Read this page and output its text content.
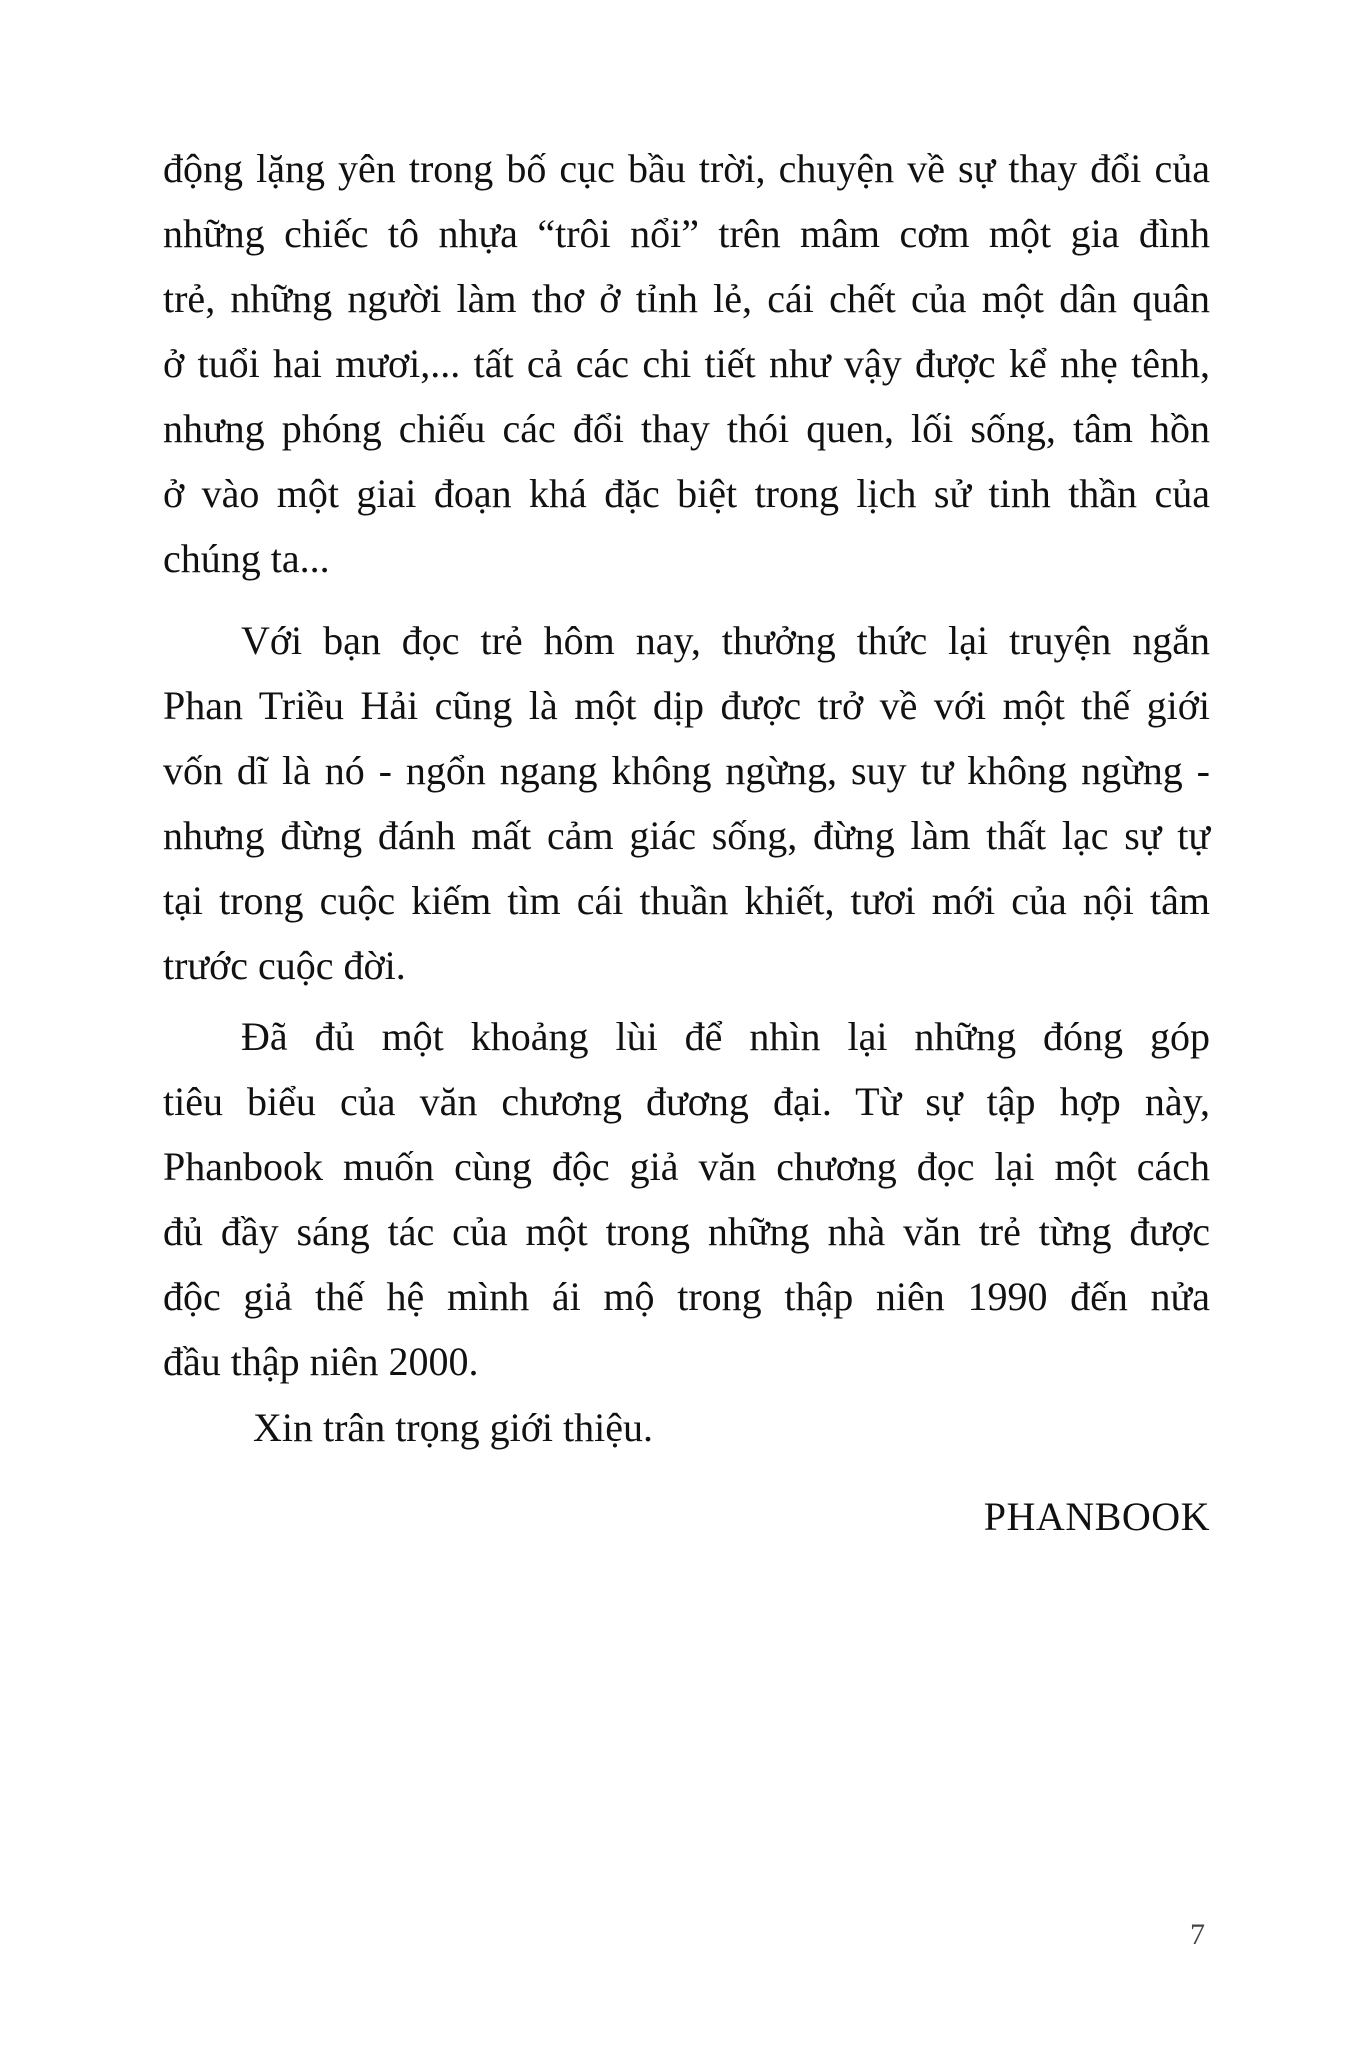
động lặng yên trong bố cục bầu trời, chuyện về sự thay đổi của
những chiếc tô nhựa “trôi nổi” trên mâm cơm một gia đình
trẻ, những người làm thơ ở tỉnh lẻ, cái chết của một dân quân
ở tuổi hai mươi,... tất cả các chi tiết như vậy được kể nhẹ tênh,
nhưng phóng chiếu các đổi thay thói quen, lối sống, tâm hồn
ở vào một giai đoạn khá đặc biệt trong lịch sử tinh thần của
chúng ta...
Với bạn đọc trẻ hôm nay, thưởng thức lại truyện ngắn
Phan Triều Hải cũng là một dịp được trở về với một thế giới
vốn dĩ là nó - ngổn ngang không ngừng, suy tư không ngừng -
nhưng đừng đánh mất cảm giác sống, đừng làm thất lạc sự tự
tại trong cuộc kiếm tìm cái thuần khiết, tươi mới của nội tâm
trước cuộc đời.
Đã đủ một khoảng lùi để nhìn lại những đóng góp
tiêu biểu của văn chương đương đại. Từ sự tập hợp này,
Phanbook muốn cùng độc giả văn chương đọc lại một cách
đủ đầy sáng tác của một trong những nhà văn trẻ từng được
độc giả thế hệ mình ái mộ trong thập niên 1990 đến nửa
đầu thập niên 2000.
Xin trân trọng giới thiệu.
PHANBOOK
7
